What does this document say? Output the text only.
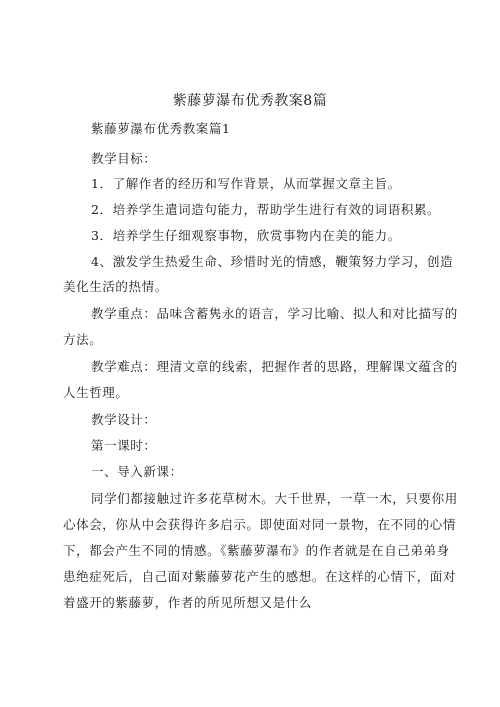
紫藤萝瀑布优秀教案8篇
紫藤萝瀑布优秀教案篇1
教学目标：
1．了解作者的经历和写作背景，从而掌握文章主旨。
2．培养学生遣词造句能力，帮助学生进行有效的词语积累。
3．培养学生仔细观察事物，欣赏事物内在美的能力。
4、激发学生热爱生命、珍惜时光的情感，鞭策努力学习，创造
美化生活的热情。
教学重点：品味含蓄隽永的语言，学习比喻、拟人和对比描写的
方法。
教学难点：理清文章的线索，把握作者的思路，理解课文蕴含的
人生哲理。
教学设计：
第一课时：
一、导入新课：
同学们都接触过许多花草树木。大千世界，一草一木，只要你用
心体会，你从中会获得许多启示。即使面对同一景物，在不同的心情
下，都会产生不同的情感。《紫藤萝瀑布》的作者就是在自己弟弟身
患绝症死后，自己面对紫藤萝花产生的感想。在这样的心情下，面对
着盛开的紫藤萝，作者的所见所想又是什么
